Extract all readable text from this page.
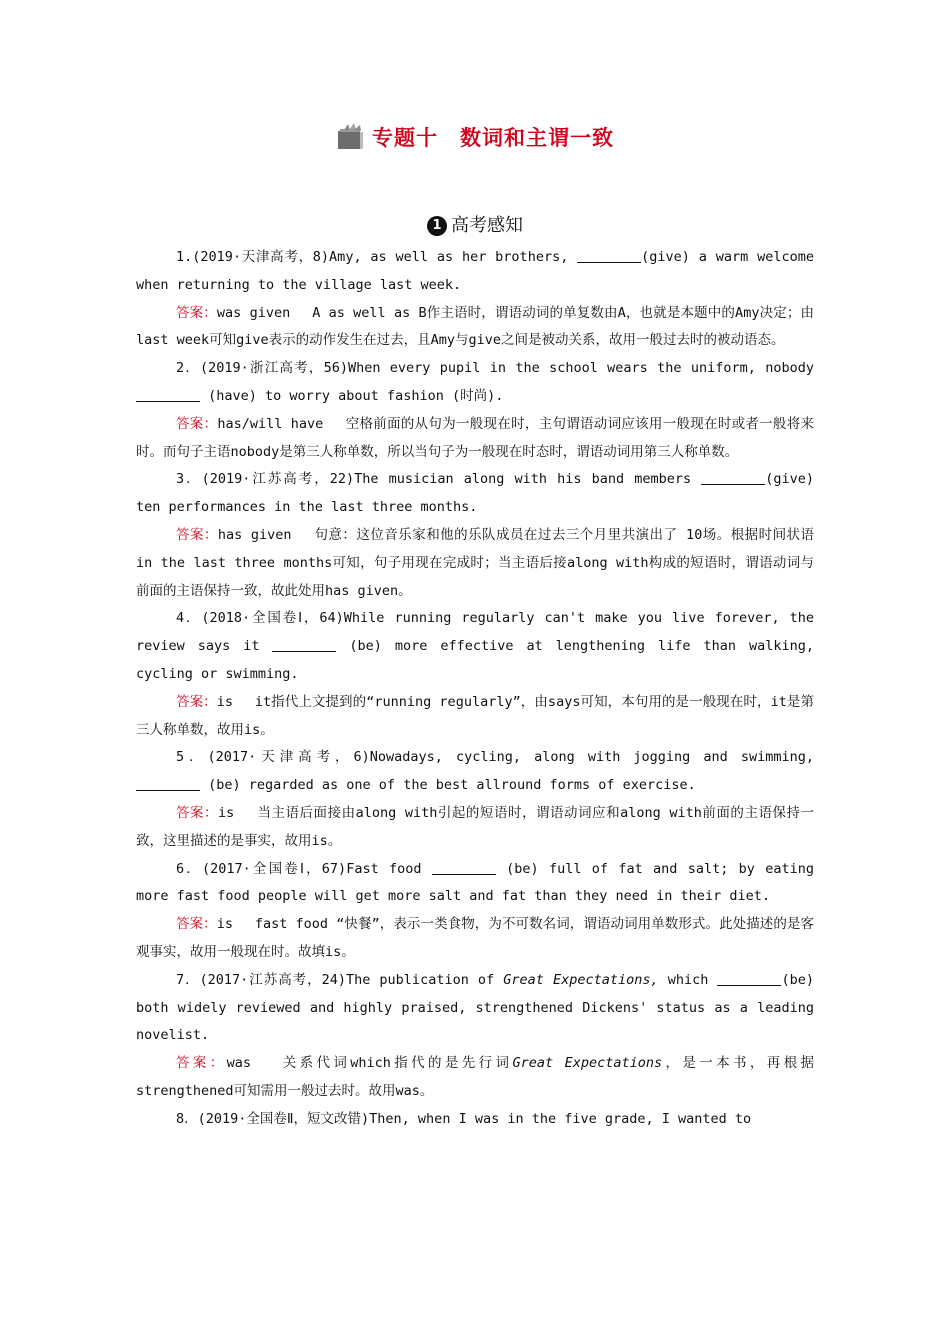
专题十　数词和主谓一致
1 高考感知

1.(2019·天津高考，8)Amy, as well as her brothers,	(give) a warm welcome when returning to the village last week.

答案：was given　 A as well as B作主语时，谓语动词的单复数由A，也就是本题中的Amy决定；由last week可知give表示的动作发生在过去，且Amy与give之间是被动关系，故用一般过去时的被动语态。

2．(2019·浙江高考，56)When every pupil in the school wears the uniform, nobody  (have) to worry about fashion (时尚).

答案：has/will have　 空格前面的从句为一般现在时，主句谓语动词应该用一般现在时或者一般将来时。而句子主语nobody是第三人称单数，所以当句子为一般现在时态时，谓语动词用第三人称单数。

3．(2019·江苏高考，22)The musician along with his band members	(give) ten performances in the last three months.

答案：has given　 句意：这位音乐家和他的乐队成员在过去三个月里共演出了 10场。根据时间状语 in the last three months可知，句子用现在完成时；当主语后接along with构成的短语时，谓语动词与前面的主语保持一致，故此处用has given。

4．(2018·全国卷Ⅰ，64)While running regularly can't make you live forever, the review says it	(be) more effective at lengthening life than walking, cycling or swimming.

答案：is　 it指代上文提到的“running regularly”，由says可知，本句用的是一般现在时，it是第三人称单数，故用is。

5．(2017·天津高考，6)Nowadays, cycling, along with jogging and swimming,  (be) regarded as one of the best allround forms of exercise.

答案：is　 当主语后面接由along with引起的短语时，谓语动词应和along with前面的主语保持一致，这里描述的是事实，故用is。

6．(2017·全国卷Ⅰ，67)Fast food	(be) full of fat and salt; by eating more fast food people will get more salt and fat than they need in their diet.

答案：is　 fast food “快餐”，表示一类食物，为不可数名词，谓语动词用单数形式。此处描述的是客观事实，故用一般现在时。故填is。

7．(2017·江苏高考，24)The publication of Great Expectations, which	(be) both widely reviewed and highly praised, strengthened Dickens' status as a leading novelist.

答案：was　 关系代词which指代的是先行词Great Expectations，是一本书，再根据strengthened可知需用一般过去时。故用was。

8．(2019·全国卷Ⅱ，短文改错)Then, when I was in the five grade, I wanted to
